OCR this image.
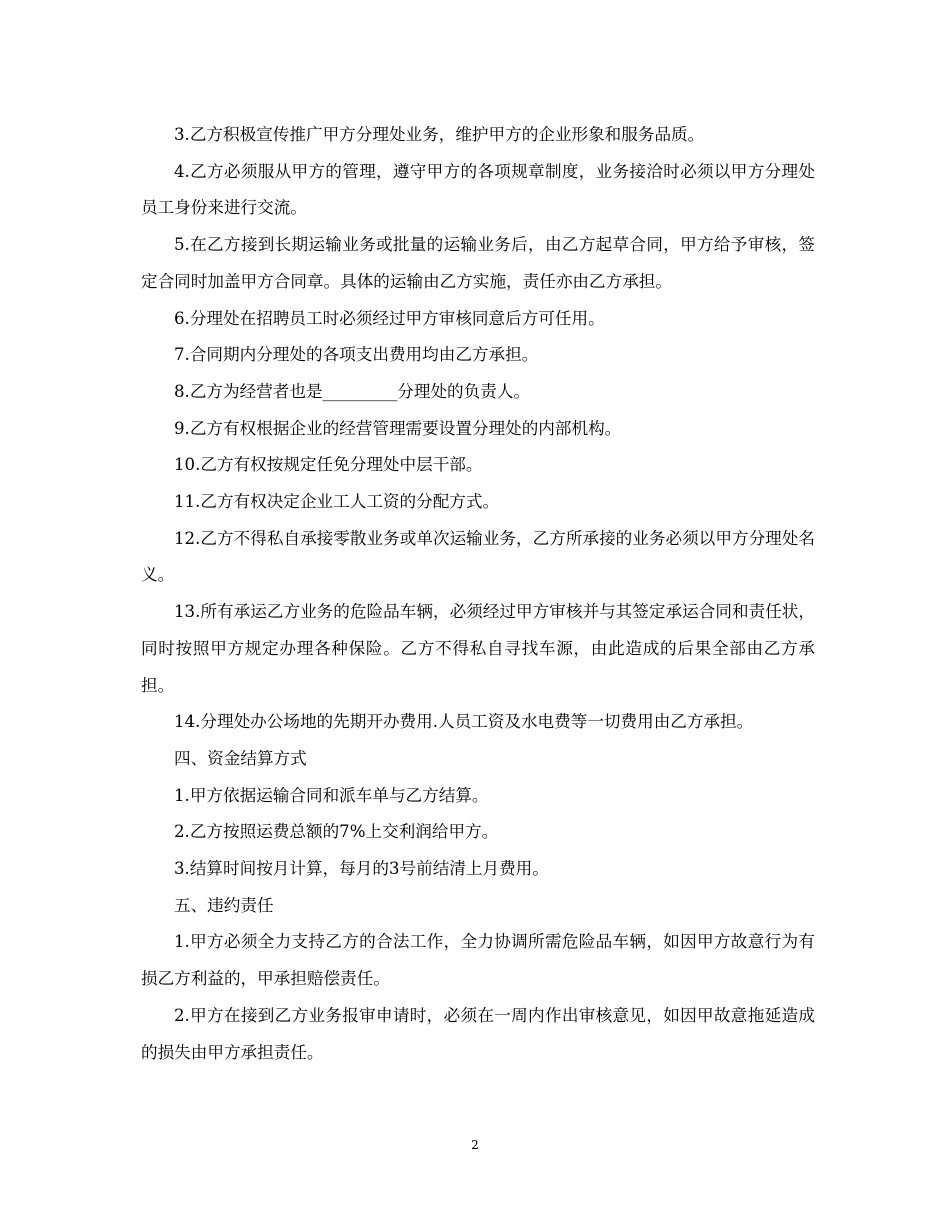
3.乙方积极宣传推广甲方分理处业务，维护甲方的企业形象和服务品质。

4.乙方必须服从甲方的管理，遵守甲方的各项规章制度，业务接洽时必须以甲方分理处员工身份来进行交流。

5.在乙方接到长期运输业务或批量的运输业务后，由乙方起草合同，甲方给予审核，签定合同时加盖甲方合同章。具体的运输由乙方实施，责任亦由乙方承担。

6.分理处在招聘员工时必须经过甲方审核同意后方可任用。

7.合同期内分理处的各项支出费用均由乙方承担。

8.乙方为经营者也是_________分理处的负责人。

9.乙方有权根据企业的经营管理需要设置分理处的内部机构。

10.乙方有权按规定任免分理处中层干部。

11.乙方有权决定企业工人工资的分配方式。

12.乙方不得私自承接零散业务或单次运输业务，乙方所承接的业务必须以甲方分理处名义。

13.所有承运乙方业务的危险品车辆，必须经过甲方审核并与其签定承运合同和责任状，同时按照甲方规定办理各种保险。乙方不得私自寻找车源，由此造成的后果全部由乙方承担。

14.分理处办公场地的先期开办费用.人员工资及水电费等一切费用由乙方承担。

四、资金结算方式

1.甲方依据运输合同和派车单与乙方结算。

2.乙方按照运费总额的7%上交利润给甲方。

3.结算时间按月计算，每月的3号前结清上月费用。

五、违约责任

1.甲方必须全力支持乙方的合法工作，全力协调所需危险品车辆，如因甲方故意行为有损乙方利益的，甲承担赔偿责任。

2.甲方在接到乙方业务报审申请时，必须在一周内作出审核意见，如因甲故意拖延造成的损失由甲方承担责任。

2
